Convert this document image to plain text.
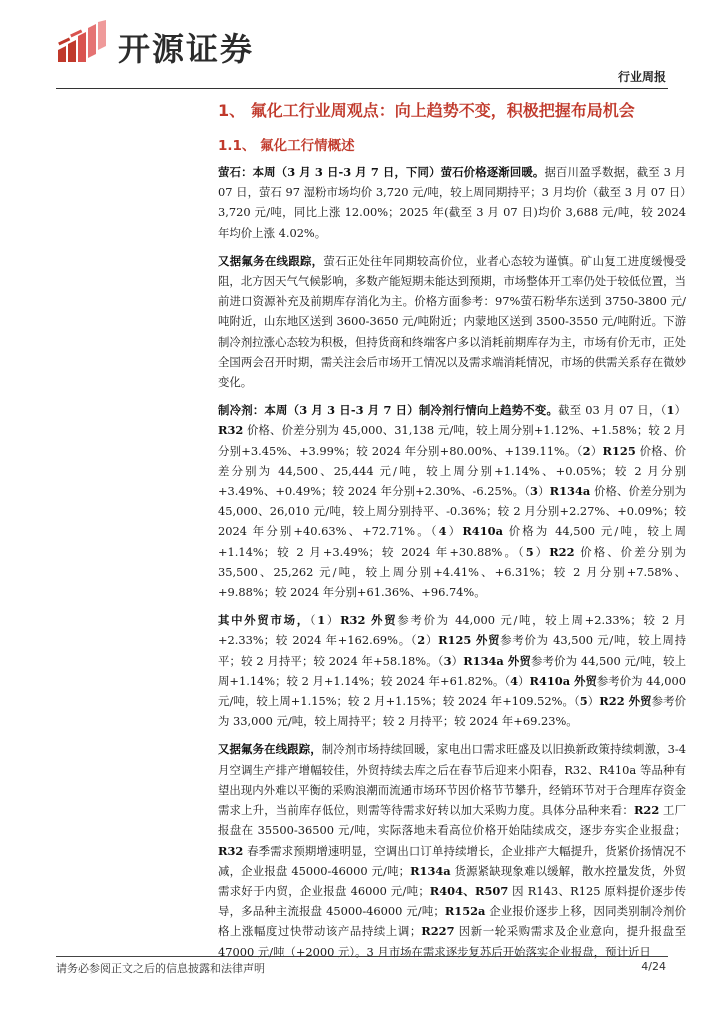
开源证券
行业周报
1、 氟化工行业周观点：向上趋势不变，积极把握布局机会
1.1、 氟化工行情概述

萤石：本周（3 月 3 日-3 月 7 日，下同）萤石价格逐渐回暖。据百川盈孚数据，截至 3 月 07 日，萤石 97 湿粉市场均价 3,720 元/吨，较上周同期持平；3 月均价（截至 3 月 07 日）3,720 元/吨，同比上涨 12.00%；2025 年(截至 3 月 07 日)均价 3,688 元/吨，较 2024 年均价上涨 4.02%。

又据氟务在线跟踪，萤石正处往年同期较高价位，业者心态较为谨慎。矿山复工进度缓慢受阻，北方因天气气候影响，多数产能短期未能达到预期，市场整体开工率仍处于较低位置，当前进口资源补充及前期库存消化为主。价格方面参考：97%萤石粉华东送到 3750-3800 元/吨附近，山东地区送到 3600-3650 元/吨附近；内蒙地区送到 3500-3550 元/吨附近。下游制冷剂拉涨心态较为积极，但持货商和终端客户多以消耗前期库存为主，市场有价无市，正处全国两会召开时期，需关注会后市场开工情况以及需求端消耗情况，市场的供需关系存在微妙变化。

制冷剂：本周（3 月 3 日-3 月 7 日）制冷剂行情向上趋势不变。截至 03 月 07 日，（1）R32 价格、价差分别为 45,000、31,138 元/吨，较上周分别+1.12%、+1.58%；较 2 月分别+3.45%、+3.99%；较 2024 年分别+80.00%、+139.11%。（2）R125 价格、价差分别为 44,500、25,444 元/吨，较上周分别+1.14%、+0.05%；较 2 月分别+3.49%、+0.49%；较 2024 年分别+2.30%、-6.25%。（3）R134a 价格、价差分别为 45,000、26,010 元/吨，较上周分别持平、-0.36%；较 2 月分别+2.27%、+0.09%；较 2024 年分别+40.63%、+72.71%。（4）R410a 价格为 44,500 元/吨，较上周+1.14%；较 2 月+3.49%；较 2024 年+30.88%。（5）R22 价格、价差分别为 35,500、25,262 元/吨，较上周分别+4.41%、+6.31%；较 2 月分别+7.58%、+9.88%；较 2024 年分别+61.36%、+96.74%。

其中外贸市场，（1）R32 外贸参考价为 44,000 元/吨，较上周+2.33%；较 2 月+2.33%；较 2024 年+162.69%。（2）R125 外贸参考价为 43,500 元/吨，较上周持平；较 2 月持平；较 2024 年+58.18%。（3）R134a 外贸参考价为 44,500 元/吨，较上周+1.14%；较 2 月+1.14%；较 2024 年+61.82%。（4）R410a 外贸参考价为 44,000 元/吨，较上周+1.15%；较 2 月+1.15%；较 2024 年+109.52%。（5）R22 外贸参考价为 33,000 元/吨，较上周持平；较 2 月持平；较 2024 年+69.23%。

又据氟务在线跟踪，制冷剂市场持续回暖，家电出口需求旺盛及以旧换新政策持续刺激，3-4 月空调生产排产增幅较佳，外贸持续去库之后在春节后迎来小阳春，R32、R410a 等品种有望出现内外难以平衡的采购浪潮而流通市场环节因价格节节攀升，经销环节对于合理库存资金需求上升，当前库存低位，则需等待需求好转以加大采购力度。具体分品种来看：R22 工厂报盘在 35500-36500 元/吨，实际落地未看高位价格开始陆续成交，逐步夯实企业报盘；R32 春季需求预期增速明显，空调出口订单持续增长，企业排产大幅提升，货紧价扬情况不减，企业报盘 45000-46000 元/吨；R134a 货源紧缺现象难以缓解，散水控量发货，外贸需求好于内贸，企业报盘 46000 元/吨；R404、R507 因 R143、R125 原料提价逐步传导，多品种主流报盘 45000-46000 元/吨；R152a 企业报价逐步上移，因同类别制冷剂价格上涨幅度过快带动该产品持续上调；R227 因新一轮采购需求及企业意向，提升报盘至 47000 元/吨（+2000 元）。3 月市场在需求逐步复苏后开始落实企业报盘，预计近日

请务必参阅正文之后的信息披露和法律声明	4/24
